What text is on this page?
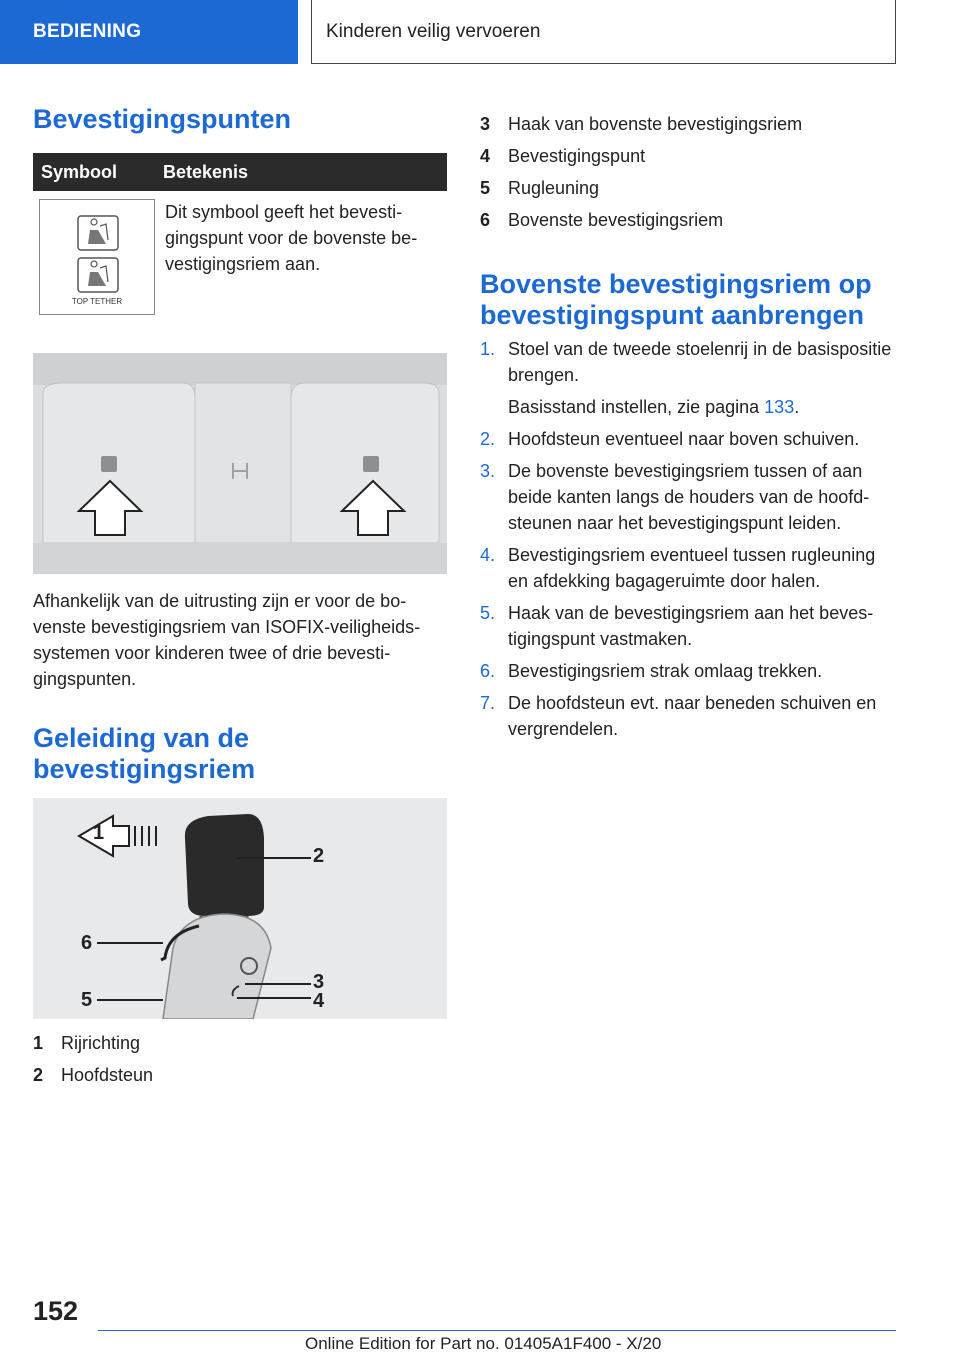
BEDIENING	Kinderen veilig vervoeren
Bevestigingspunten
Symbool	Betekenis
TOP TETHER
Dit symbool geeft het bevestigingspunt voor de bovenste bevestigingsriem aan.

Afhankelijk van de uitrusting zijn er voor de bovenste bevestigingsriem van ISOFIX-veiligheidssystemen voor kinderen twee of drie bevestigingspunten.

Geleiding van de bevestigingsriem
1
2
3
4
5
6
1 Rijrichting
2 Hoofdsteun
3 Haak van bovenste bevestigingsriem
4 Bevestigingspunt
5 Rugleuning
6 Bovenste bevestigingsriem
Bovenste bevestigingsriem op bevestigingspunt aanbrengen
1. Stoel van de tweede stoelenrij in de basispositie brengen.
Basisstand instellen, zie pagina 133.
2. Hoofdsteun eventueel naar boven schuiven.
3. De bovenste bevestigingsriem tussen of aan beide kanten langs de houders van de hoofdsteunen naar het bevestigingspunt leiden.
4. Bevestigingsriem eventueel tussen rugleuning en afdekking bagageruimte door halen.
5. Haak van de bevestigingsriem aan het bevestigingspunt vastmaken.
6. Bevestigingsriem strak omlaag trekken.
7. De hoofdsteun evt. naar beneden schuiven en vergrendelen.
152
Online Edition for Part no. 01405A1F400 - X/20
